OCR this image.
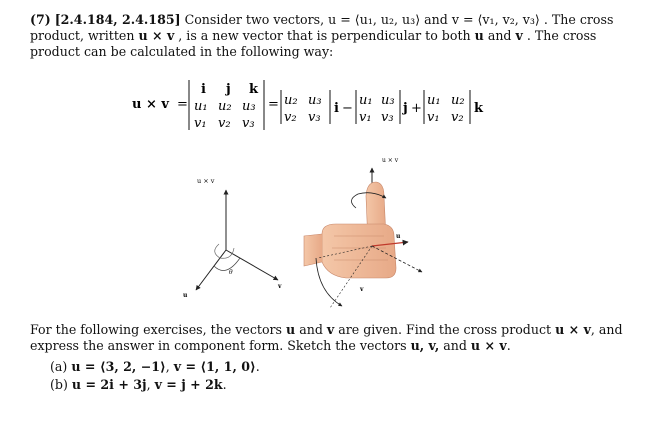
(7) [2.4.184, 2.4.185] Consider two vectors, u = ⟨u₁, u₂, u₃⟩ and v = ⟨v₁, v₂, v₃⟩ . The cross product, written u × v , is a new vector that is perpendicular to both u and v . The cross product can be calculated in the following way:
u × v =
i j k
u₁ u₂ u₃
v₁ v₂ v₃
= u₂ u₃
v₂ v₃
i −
u₁ u₃
v₁ v₃
j +
u₁ u₂
v₁ v₂
k
u × v
θ
u
v
u × v
u
v
For the following exercises, the vectors u and v are given. Find the cross product u × v, and express the answer in component form. Sketch the vectors u, v, and u × v.
(a) u = ⟨3, 2, −1⟩, v = ⟨1, 1, 0⟩.
(b) u = 2i + 3j, v = j + 2k.
